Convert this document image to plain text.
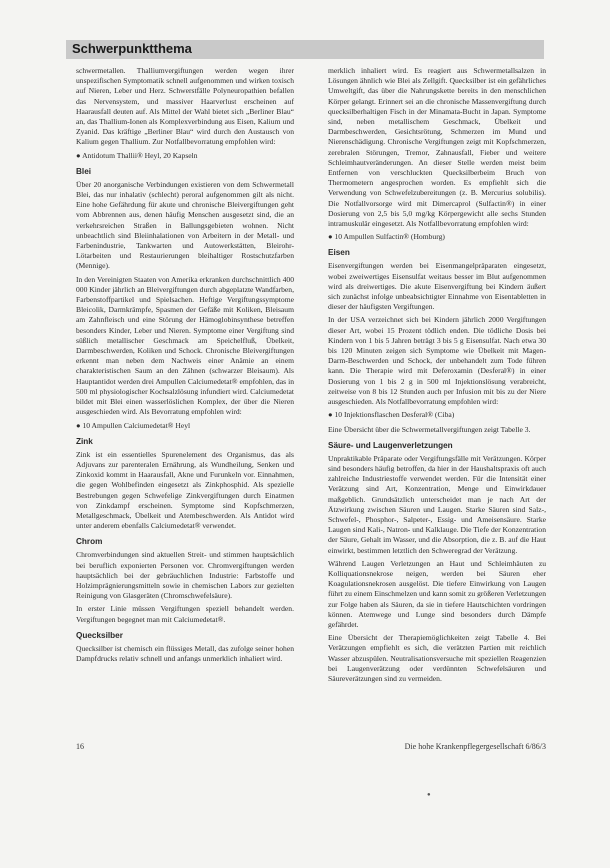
Schwerpunktthema

schwermetallen. Thalliumvergiftungen werden wegen ihrer unspezifischen Symptomatik schnell aufgenommen und wirken toxisch auf Nieren, Leber und Herz. Schwerstfälle Polyneuropathien befallen das Nervensystem, und massiver Haarverlust erscheinen auf Haarausfall deuten auf. Als Mittel der Wahl bietet sich „Berliner Blau“ an, das Thallium-Ionen als Komplexverbindung aus Eisen, Kalium und Zyanid. Das kräftige „Berliner Blau“ wird durch den Austausch von Kalium gegen Thallium. Zur Notfallbevorratung empfohlen wird:

● Antidotum Thallii® Heyl, 20 Kapseln

Blei

Über 20 anorganische Verbindungen existieren von dem Schwermetall Blei, das nur inhalativ (schlecht) peroral aufgenommen gilt als nicht. Eine hohe Gefährdung für akute und chronische Bleivergiftungen geht vom Abbrennen aus, denen häufig Menschen ausgesetzt sind, die an verkehrsreichen Straßen in Ballungsgebieten wohnen. Nicht unbeachtlich sind Bleiinhalationen von Arbeitern in der Metall- und Farbenindustrie, Tankwarten und Autowerkstätten, Bleirohr-Lötarbeiten und Restaurierungen bleihaltiger Rostschutzfarben (Mennige).

In den Vereinigten Staaten von Amerika erkranken durchschnittlich 400 000 Kinder jährlich an Bleivergiftungen durch abgeplatzte Wandfarben, Farbenstoffpartikel und Spielsachen. Heftige Vergiftungssymptome Bleicolik, Darmkrämpfe, Spasmen der Gefäße mit Koliken, Bleisaum am Zahnfleisch und eine Störung der Hämoglobinsynthese betreffen besonders Kinder, Leber und Nieren. Symptome einer Vergiftung sind süßlich metallischer Geschmack am Speichelfluß, Übelkeit, Darmbeschwerden, Koliken und Schock. Chronische Bleivergiftungen erkennt man neben dem Nachweis einer Anämie an einem charakteristischen Saum an den Zähnen (schwarzer Bleisaum). Als Hauptantidot werden drei Ampullen Calciumedetat® empfohlen, das in 500 ml physiologischer Kochsalzlösung infundiert wird. Calciumedetat bildet mit Blei einen wasserlöslichen Komplex, der über die Nieren ausgeschieden wird. Als Bevorratung empfohlen wird:

● 10 Ampullen Calciumedetat® Heyl

Zink

Zink ist ein essentielles Spurenelement des Organismus, das als Adjuvans zur parenteralen Ernährung, als Wundheilung, Senken und Zinkoxid kommt in Haarausfall, Akne und Furunkeln vor. Einnahmen, die gegen Wohlbefinden eingesetzt als Zinkphosphid. Als spezielle Bestrebungen gegen Schwefelige Zinkvergiftungen durch Einatmen von Zinkdampf erscheinen. Symptome sind Kopfschmerzen, Metallgeschmack, Übelkeit und Atembeschwerden. Als Antidot wird unter anderem ebenfalls Calciumedetat® verwendet.

Chrom

Chromverbindungen sind aktuellen Streit- und stimmen hauptsächlich bei beruflich exponierten Personen vor. Chromvergiftungen werden hauptsächlich bei der gebräuchlichen Industrie: Farbstoffe und Holzimprägnierungsmitteln sowie in chemischen Labors zur gezielten Reinigung von Glasgeräten (Chromschwefelsäure).

In erster Linie müssen Vergiftungen speziell behandelt werden. Vergiftungen begegnet man mit Calciumedetat®.

Quecksilber

Quecksilber ist chemisch ein flüssiges Metall, das zufolge seiner hohen Dampfdrucks relativ schnell und anfangs unmerklich inhaliert wird.

merklich inhaliert wird. Es reagiert aus Schwermetallsalzen in Lösungen ähnlich wie Blei als Zellgift. Quecksilber ist ein gefährliches Umweltgift, das über die Nahrungskette bereits in den menschlichen Körper gelangt. Erinnert sei an die chronische Massenvergiftung durch quecksilberhaltigen Fisch in der Minamata-Bucht in Japan. Symptome sind, neben metallischem Geschmack, Übelkeit und Darmbeschwerden, Gesichtsrötung, Schmerzen im Mund und Nierenschädigung. Chronische Vergiftungen zeigt mit Kopfschmerzen, zerebralen Störungen, Tremor, Zahnausfall, Fieber und weitere Schleimhautveränderungen. An dieser Stelle werden meist beim Entfernen von verschluckten Quecksilberbeim Bruch von Thermometern angesprochen worden. Es empfiehlt sich die Verwendung von Schwefelzubereitungen (z. B. Mercurius solubilis). Die Notfallvorsorge wird mit Dimercaprol (Sulfactin®) in einer Dosierung von 2,5 bis 5,0 mg/kg Körpergewicht alle sechs Stunden intramuskulär eingesetzt. Als Notfallbevorratung empfohlen wird:

● 10 Ampullen Sulfactin® (Homburg)

Eisen

Eisenvergiftungen werden bei Eisenmangelpräparaten eingesetzt, wobei zweiwertiges Eisensulfat weitaus besser im Blut aufgenommen wird als dreiwertiges. Die akute Eisenvergiftung bei Kindern äußert sich zunächst infolge unbeabsichtigter Einnahme von Eisentabletten in dieser der häufigsten Vergiftungen.

In der USA verzeichnet sich bei Kindern jährlich 2000 Vergiftungen dieser Art, wobei 15 Prozent tödlich enden. Die tödliche Dosis bei Kindern von 1 bis 5 Jahren beträgt 3 bis 5 g Eisensulfat. Nach etwa 30 bis 120 Minuten zeigen sich Symptome wie Übelkeit mit Magen-Darm-Beschwerden und Schock, der unbehandelt zum Tode führen kann. Die Therapie wird mit Deferoxamin (Desferal®) in einer Dosierung von 1 bis 2 g in 500 ml Injektionslösung verabreicht, zeitweise von 8 bis 12 Stunden auch per Infusion mit bis zu der Niere ausgeschieden. Als Notfallbevorratung empfohlen wird:

● 10 Injektionsflaschen Desferal® (Ciba)

Eine Übersicht über die Schwermetallvergiftungen zeigt Tabelle 3.

Säure- und Laugenverletzungen

Unpraktikable Präparate oder Vergiftungsfälle mit Verätzungen. Körper sind besonders häufig betroffen, da hier in der Haushaltspraxis oft auch zahlreiche Industriestoffe verwendet werden. Für die Intensität einer Verätzung sind Art, Konzentration, Menge und Einwirkdauer maßgeblich. Grundsätzlich unterscheidet man je nach Art der Ätzwirkung zwischen Säuren und Laugen. Starke Säuren sind Salz-, Schwefel-, Phosphor-, Salpeter-, Essig- und Ameisensäure. Starke Laugen sind Kali-, Natron- und Kalklauge. Die Tiefe der Konzentration der Säure, Gehalt im Wasser, und die Absorption, die z. B. auf die Haut einwirkt, bestimmen letztlich den Schweregrad der Verätzung.

Während Laugen Verletzungen an Haut und Schleimhäuten zu Kolliquationsnekrose neigen, werden bei Säuren eher Koagulationsnekrosen ausgelöst. Die tiefere Einwirkung von Laugen führt zu einem Einschmelzen und kann somit zu größeren Verletzungen zur Folge haben als Säuren, da sie in tiefere Hautschichten vordringen können. Atemwege und Lunge sind besonders durch Dämpfe gefährdet.

Eine Übersicht der Therapiemöglichkeiten zeigt Tabelle 4. Bei Verätzungen empfiehlt es sich, die verätzten Partien mit reichlich Wasser abzuspülen. Neutralisationsversuche mit speziellen Reagenzien bei Laugenverätzung oder verdünnten Schwefelsäuren und Säureverätzungen sind zu vermeiden.

16	Die hohe Krankenpflegergesellschaft 6/86/3
●
